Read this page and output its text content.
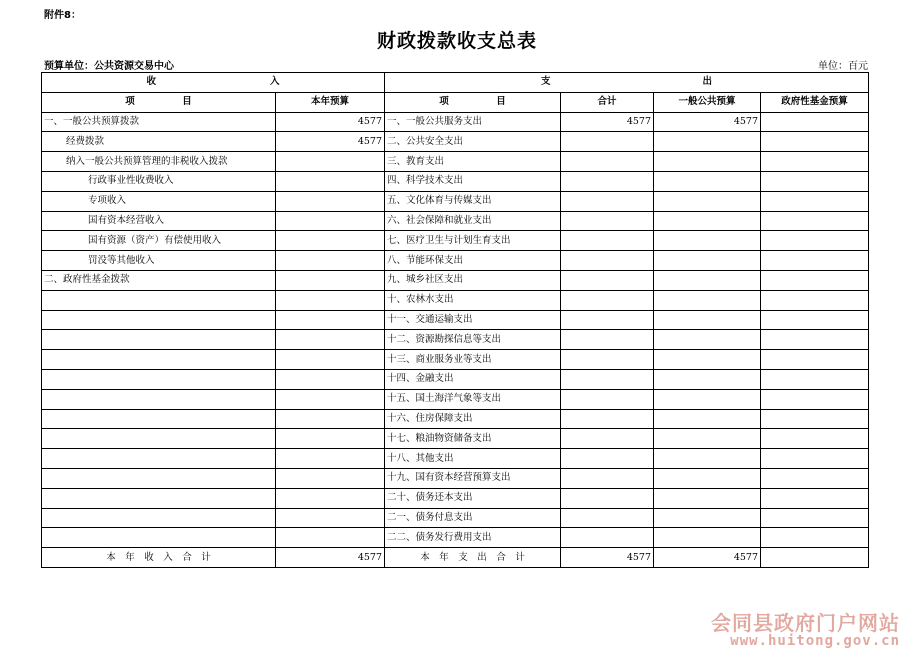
附件8：
财政拨款收支总表
预算单位：公共资源交易中心	单位：百元
收　　　　　　　　　　　　入		支　　　　　　　　　　　　　　　　出			
项　　　　　目	本年预算	项　　　　　目	合计	一般公共预算	政府性基金预算
一、一般公共预算拨款	4577	一、一般公共服务支出	4577	4577	
经费拨款	4577	二、公共安全支出			
纳入一般公共预算管理的非税收入拨款		三、教育支出			
行政事业性收费收入		四、科学技术支出			
专项收入		五、文化体育与传媒支出			
国有资本经营收入		六、社会保障和就业支出			
国有资源（资产）有偿使用收入		七、医疗卫生与计划生育支出			
罚没等其他收入		八、节能环保支出			
二、政府性基金拨款		九、城乡社区支出			
		十、农林水支出			
		十一、交通运输支出			
		十二、资源勘探信息等支出			
		十三、商业服务业等支出			
		十四、金融支出			
		十五、国土海洋气象等支出			
		十六、住房保障支出			
		十七、粮油物资储备支出			
		十八、其他支出			
		十九、国有资本经营预算支出			
		二十、债务还本支出			
		二一、债务付息支出			
		二二、债务发行费用支出			
本　年　收　入　合　计	4577	本　年　支　出　合　计	4577	4577	
会同县政府门户网站
www.huitong.gov.cn
